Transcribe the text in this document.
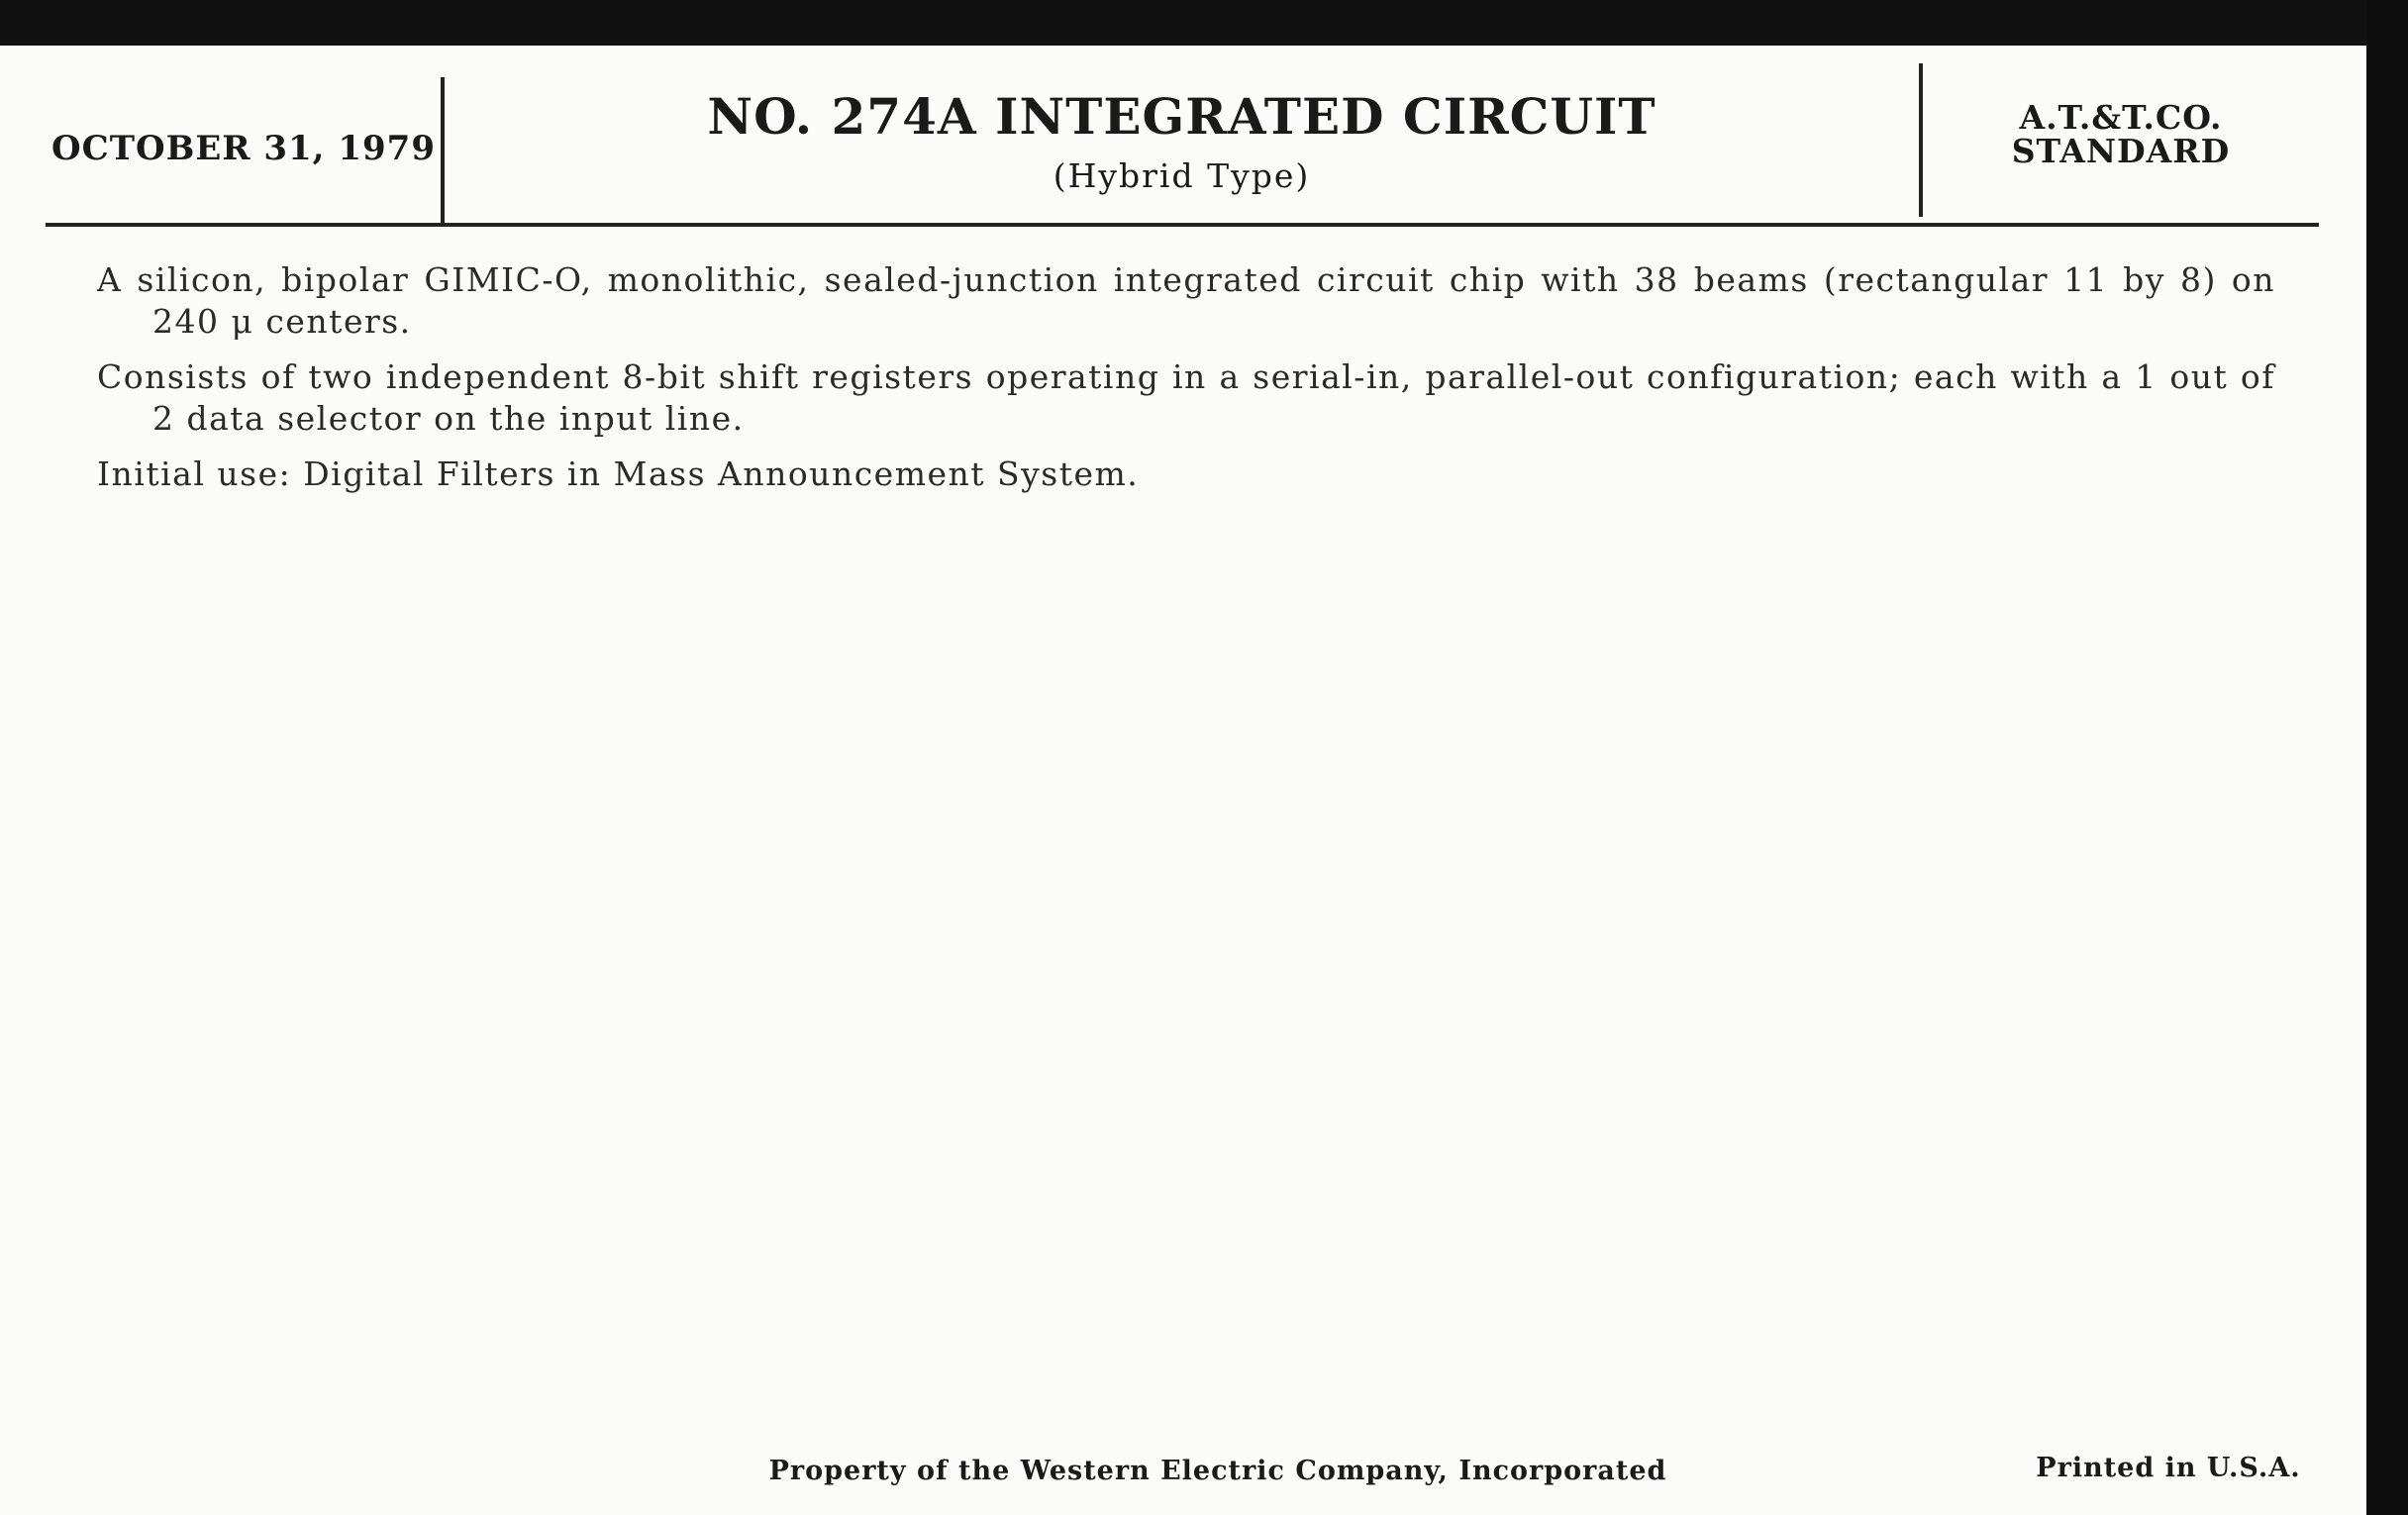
OCTOBER 31, 1979
NO. 274A INTEGRATED CIRCUIT
(Hybrid Type)
A.T.&T.CO.
STANDARD

A silicon, bipolar GIMIC-O, monolithic, sealed-junction integrated circuit chip with 38 beams (rectangular 11 by 8) on 240 μ centers.

Consists of two independent 8-bit shift registers operating in a serial-in, parallel-out configuration; each with a 1 out of 2 data selector on the input line.

Initial use: Digital Filters in Mass Announcement System.

Property of the Western Electric Company, Incorporated	Printed in U.S.A.
